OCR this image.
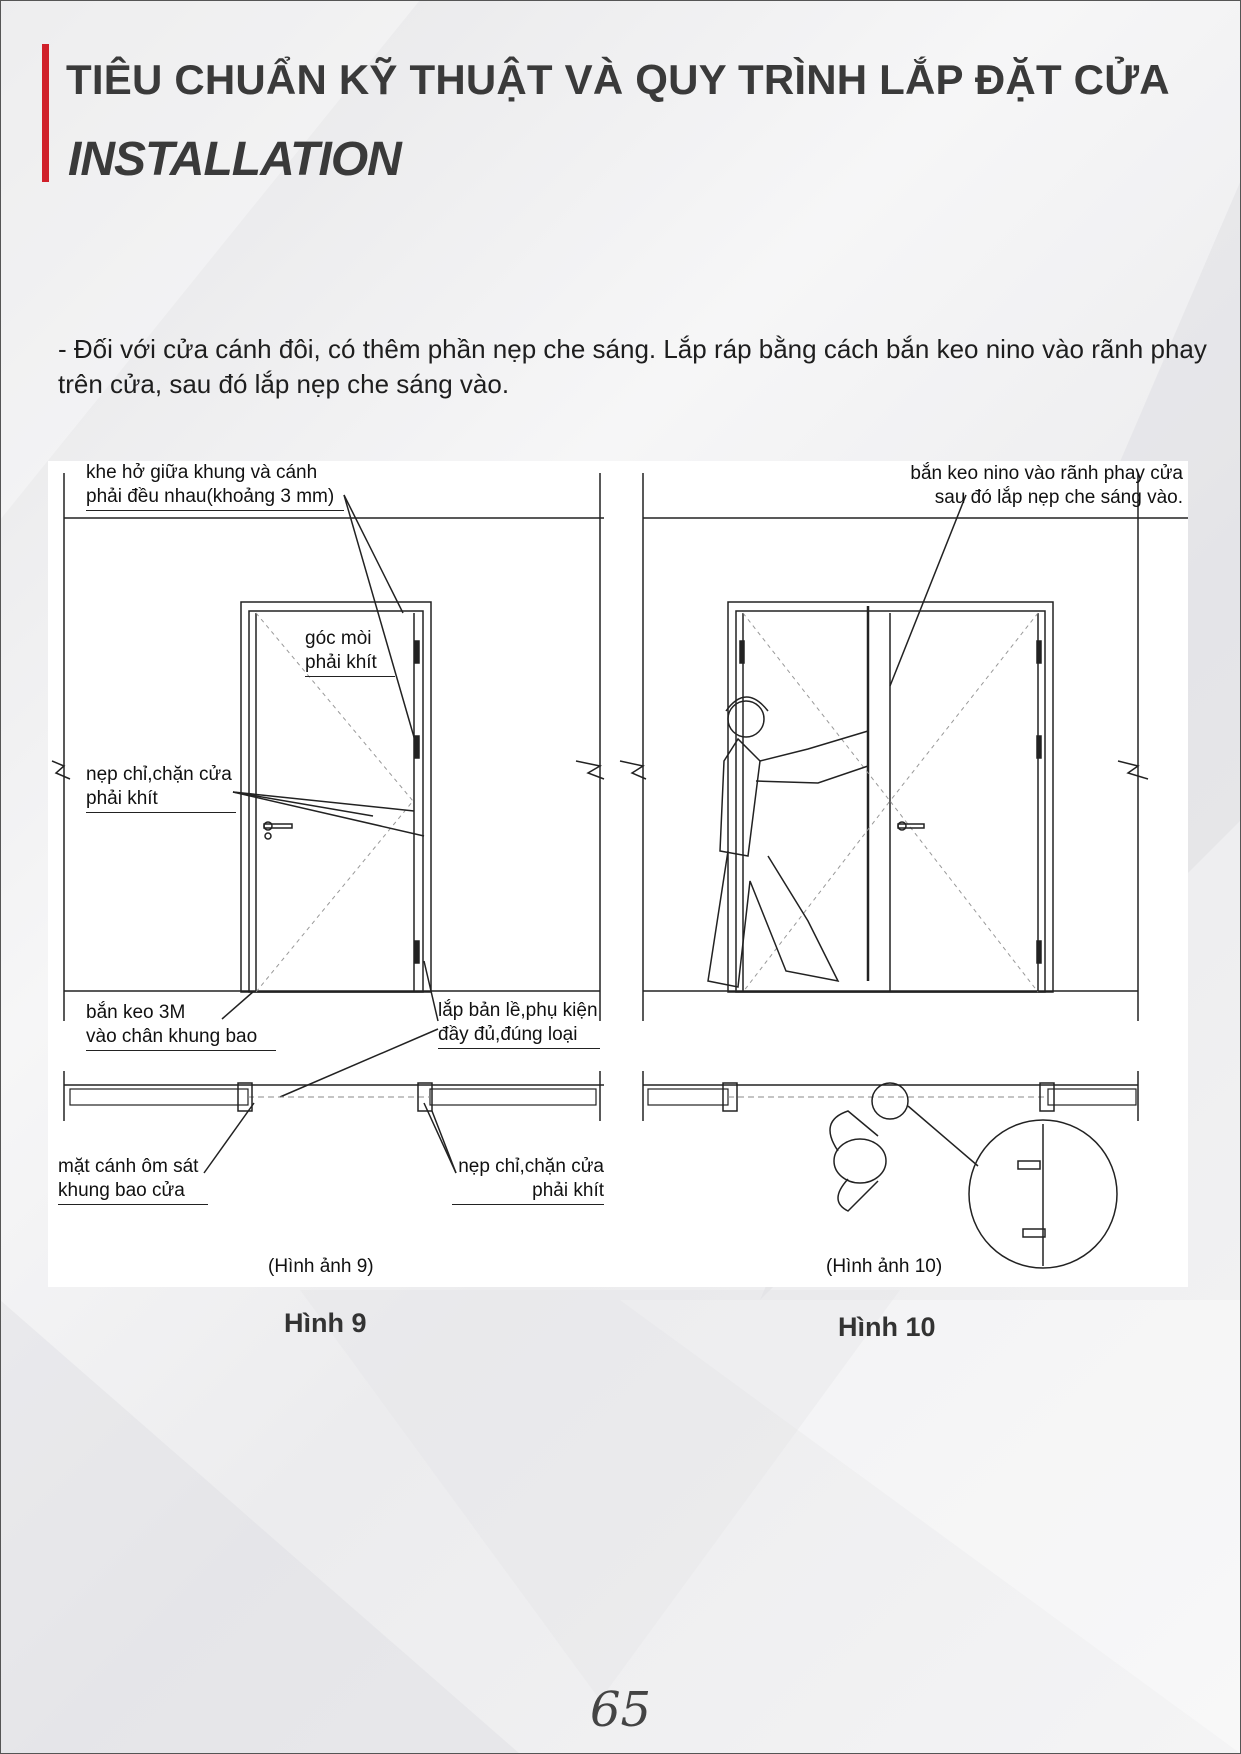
TIÊU CHUẨN KỸ THUẬT VÀ QUY TRÌNH LẮP ĐẶT CỬA
INSTALLATION
- Đối với cửa cánh đôi, có thêm phần nẹp che sáng. Lắp ráp bằng cách bắn keo nino vào rãnh phay trên cửa, sau đó lắp nẹp che sáng vào.
khe hở giữa khung và cánh
phải đều nhau(khoảng 3 mm)
góc mòi
phải khít
nẹp chỉ,chặn cửa
phải khít
bắn keo 3M
vào chân khung bao
lắp bản lề,phụ kiện
đầy đủ,đúng loại
mặt cánh ôm sát
khung bao cửa
nẹp chỉ,chặn cửa
phải khít
(Hình ảnh 9)
bắn keo nino vào rãnh phay cửa
sau đó lắp nẹp che sáng vào.
(Hình ảnh 10)
Hình 9	Hình 10
65
